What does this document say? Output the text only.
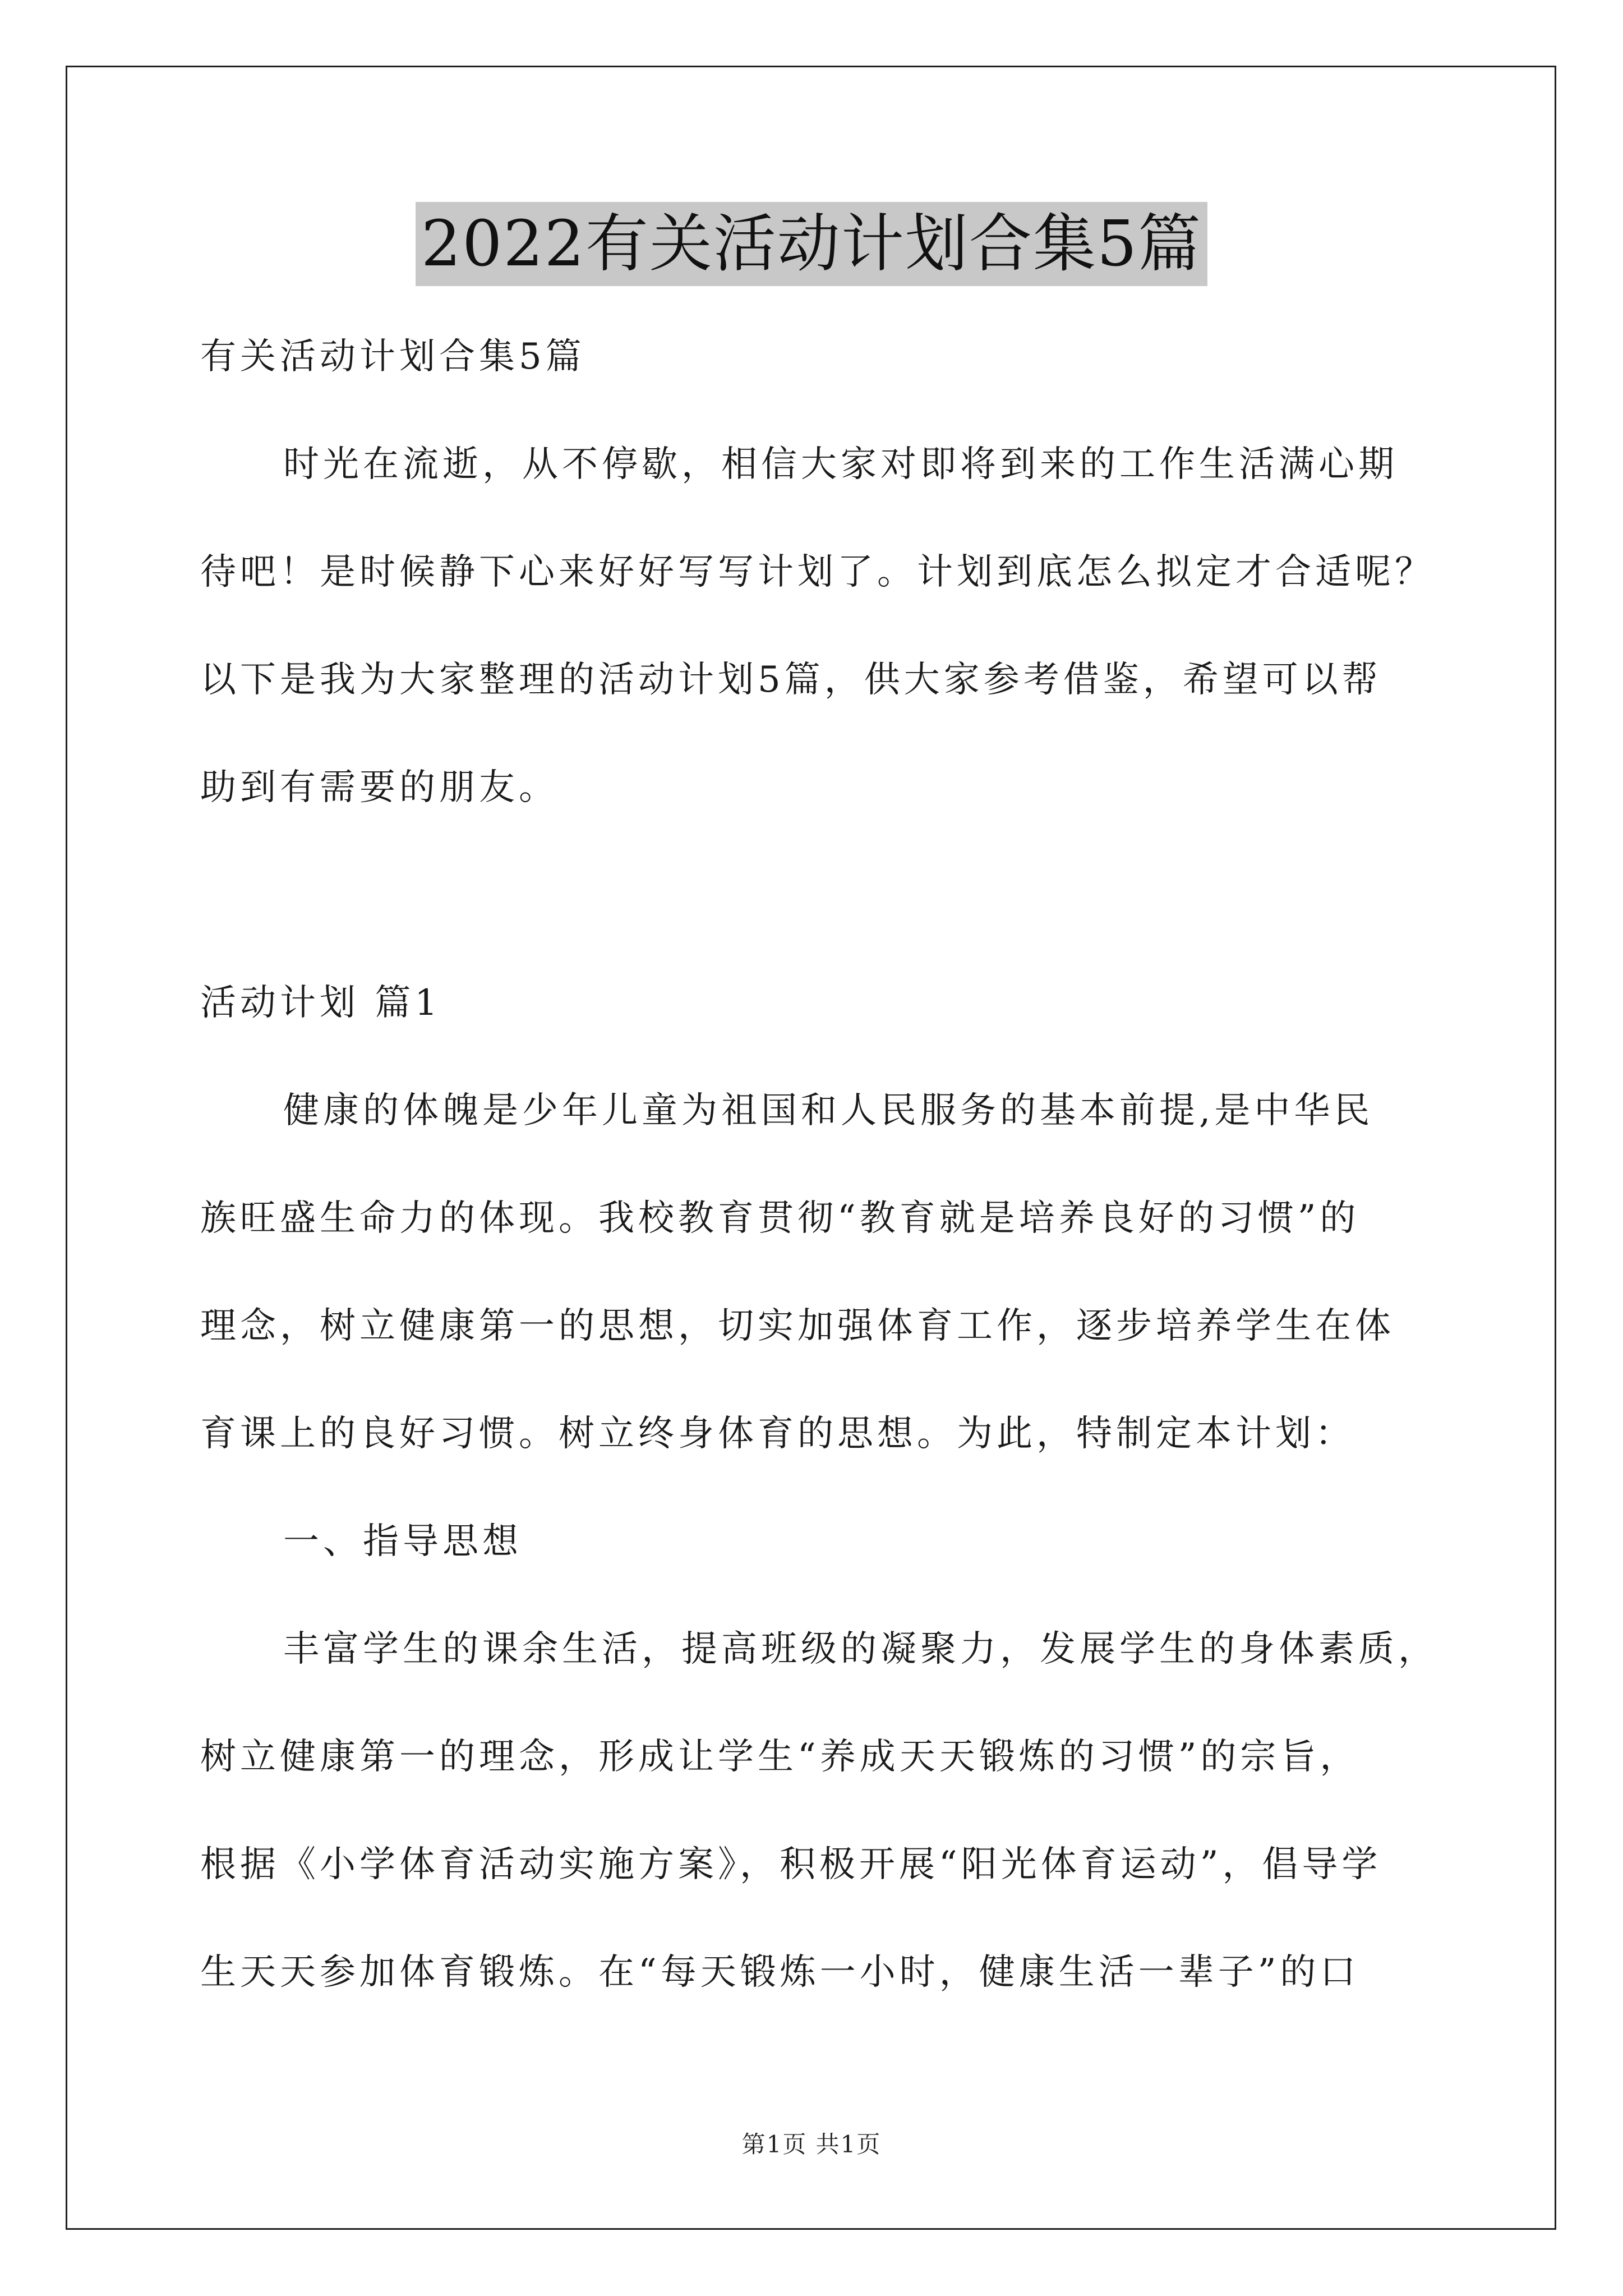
2022有关活动计划合集5篇

有关活动计划合集5篇

时光在流逝，从不停歇，相信大家对即将到来的工作生活满心期

待吧！是时候静下心来好好写写计划了。计划到底怎么拟定才合适呢？

以下是我为大家整理的活动计划5篇，供大家参考借鉴，希望可以帮

助到有需要的朋友。

活动计划 篇1

健康的体魄是少年儿童为祖国和人民服务的基本前提,是中华民

族旺盛生命力的体现。我校教育贯彻“教育就是培养良好的习惯”的

理念，树立健康第一的思想，切实加强体育工作，逐步培养学生在体

育课上的良好习惯。树立终身体育的思想。为此，特制定本计划：

一、指导思想

丰富学生的课余生活，提高班级的凝聚力，发展学生的身体素质，

树立健康第一的理念，形成让学生“养成天天锻炼的习惯”的宗旨，

根据《小学体育活动实施方案》，积极开展“阳光体育运动”，倡导学

生天天参加体育锻炼。在“每天锻炼一小时，健康生活一辈子”的口

第1页 共1页
